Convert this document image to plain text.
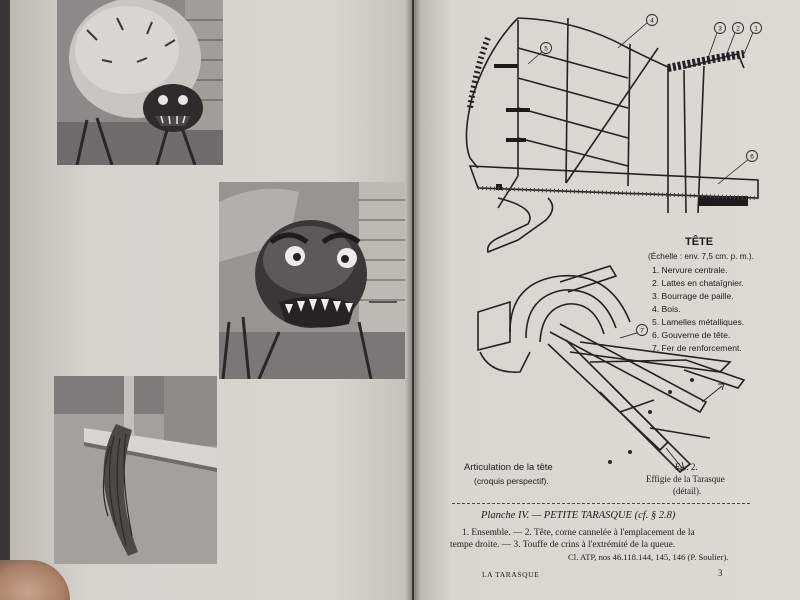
4
3 2 1
5
6
TÊTE
(Échelle : env. 7,5 cm. p. m.).
1. Nervure centrale.
2. Lattes en chataîgnier.
3. Bourrage de paille.
4. Bois.
5. Lamelles métalliques.
6. Gouverne de tête.
7. Fer de renforcement.
7
Articulation de la tête
(croquis perspectif).
Fig. 2.
Effigie de la Tarasque
(détail).
Planche IV. — PETITE TARASQUE (cf. § 2.8)
1. Ensemble. — 2. Tête, corne cannelée à l'emplacement de la
tempe droite. — 3. Touffe de crins à l'extrémité de la queue.
Cl. ATP, nos 46.118.144, 145, 146 (P. Soulier).
LA TARASQUE	3
